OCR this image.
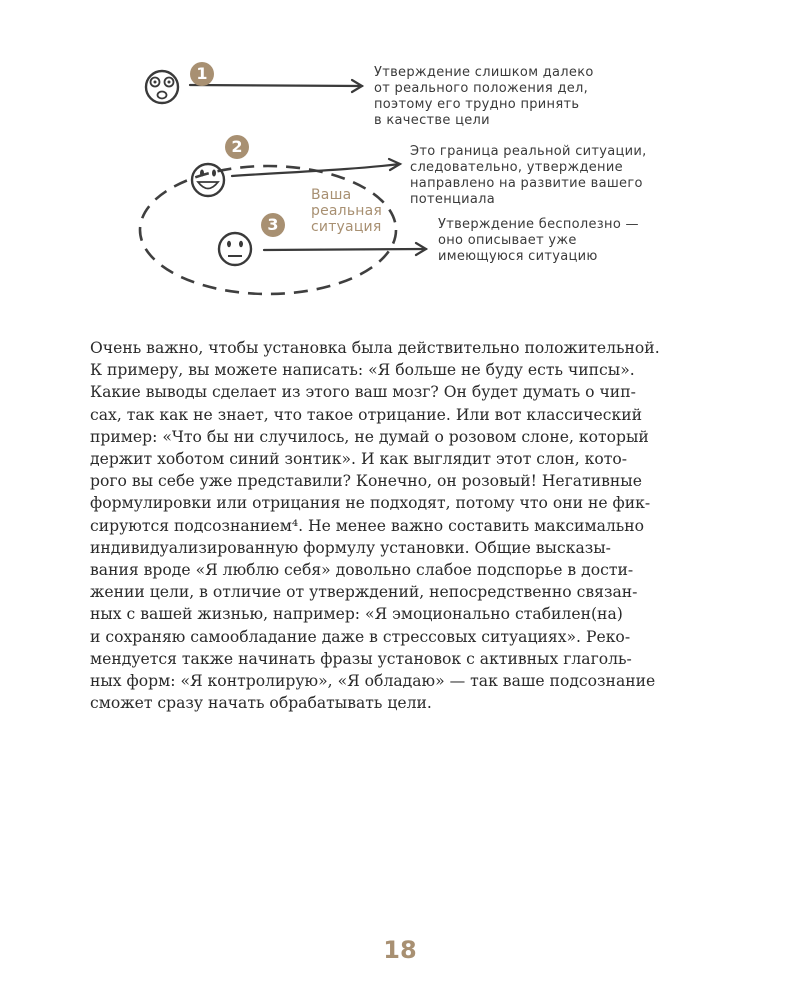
1
2
3
Ваша
реальная
ситуация
Утверждение слишком далеко
от реального положения дел,
поэтому его трудно принять
в качестве цели
Это граница реальной ситуации,
следовательно, утверждение
направлено на развитие вашего
потенциала
Утверждение бесполезно —
оно описывает уже
имеющуюся ситуацию
Очень важно, чтобы установка была действительно положительной.
К примеру, вы можете написать: «Я больше не буду есть чипсы».
Какие выводы сделает из этого ваш мозг? Он будет думать о чип-
сах, так как не знает, что такое отрицание. Или вот классический
пример: «Что бы ни случилось, не думай о розовом слоне, который
держит хоботом синий зонтик». И как выглядит этот слон, кото-
рого вы себе уже представили? Конечно, он розовый! Негативные
формулировки или отрицания не подходят, потому что они не фик-
сируются подсознанием⁴. Не менее важно составить максимально
индивидуализированную формулу установки. Общие высказы-
вания вроде «Я люблю себя» довольно слабое подспорье в дости-
жении цели, в отличие от утверждений, непосредственно связан-
ных с вашей жизнью, например: «Я эмоционально стабилен(на)
и сохраняю самообладание даже в стрессовых ситуациях». Реко-
мендуется также начинать фразы установок с активных глаголь-
ных форм: «Я контролирую», «Я обладаю» — так ваше подсознание
сможет сразу начать обрабатывать цели.
18
